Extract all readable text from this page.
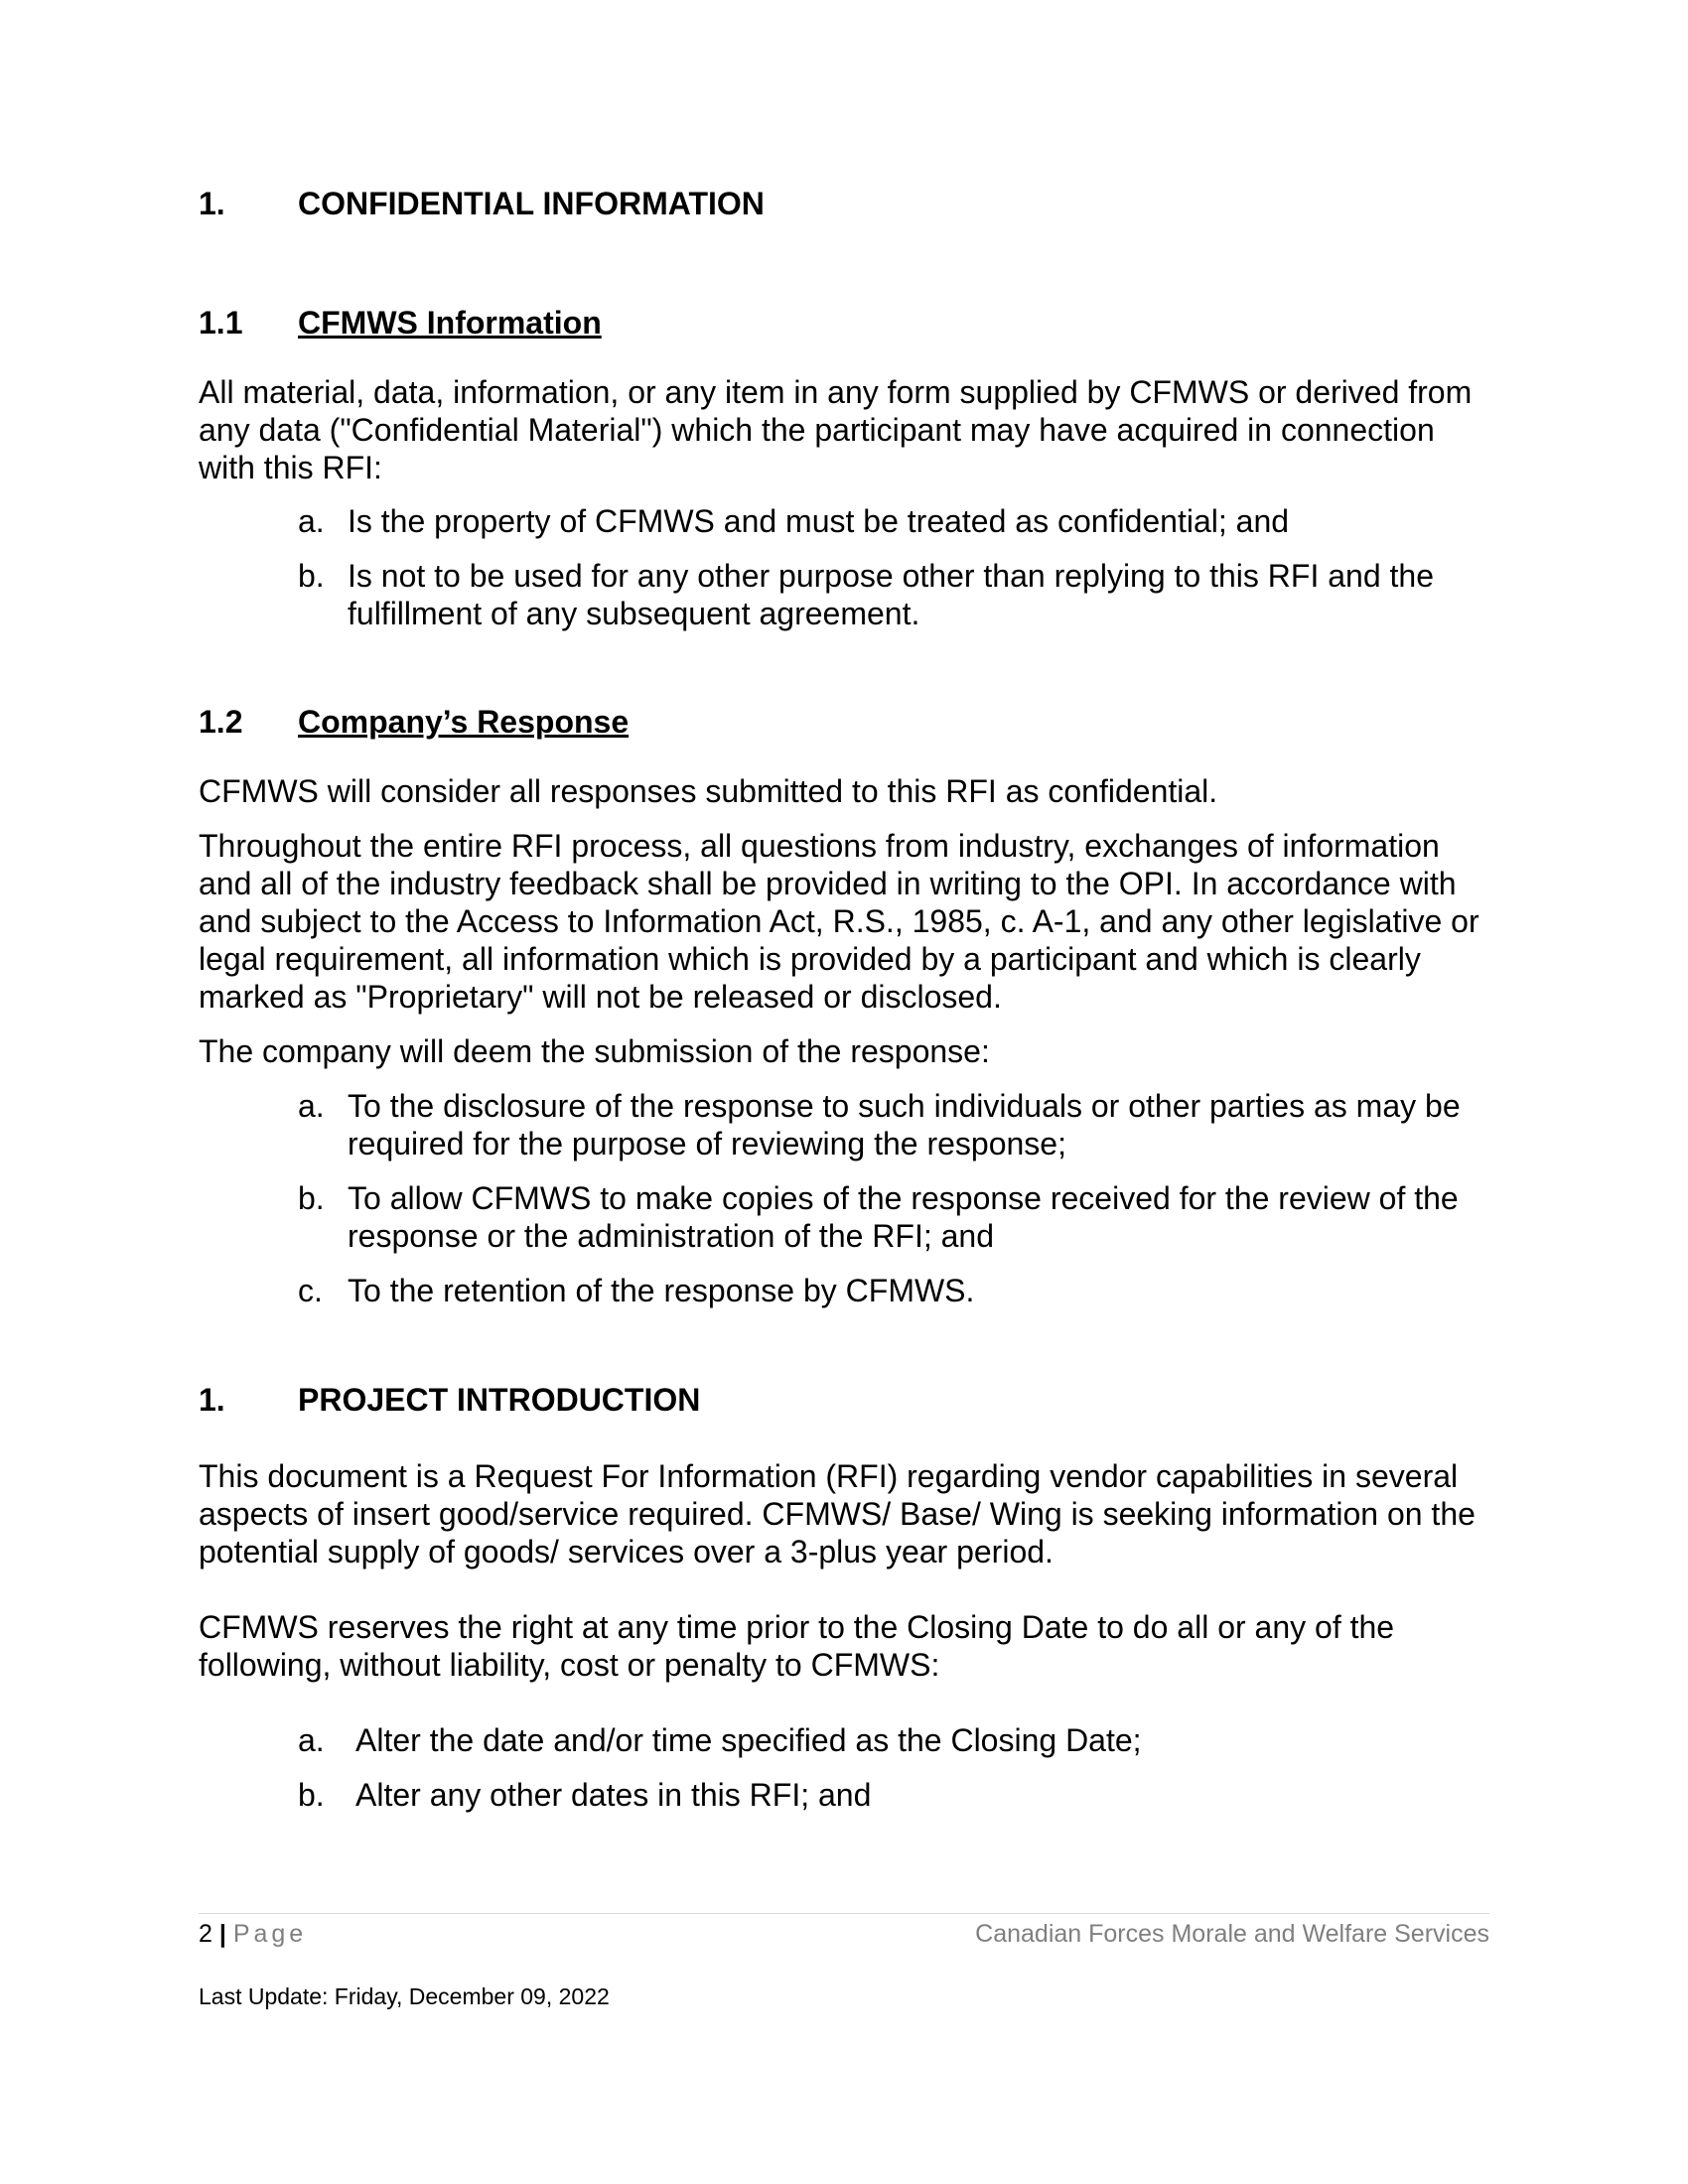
1.	CONFIDENTIAL INFORMATION
1.1	CFMWS Information

All material, data, information, or any item in any form supplied by CFMWS or derived from any data ("Confidential Material") which the participant may have acquired in connection with this RFI:

a. Is the property of CFMWS and must be treated as confidential; and
b. Is not to be used for any other purpose other than replying to this RFI and the fulfillment of any subsequent agreement.
1.2	Company’s Response

CFMWS will consider all responses submitted to this RFI as confidential.

Throughout the entire RFI process, all questions from industry, exchanges of information and all of the industry feedback shall be provided in writing to the OPI. In accordance with and subject to the Access to Information Act, R.S., 1985, c. A-1, and any other legislative or legal requirement, all information which is provided by a participant and which is clearly marked as "Proprietary" will not be released or disclosed.

The company will deem the submission of the response:

a. To the disclosure of the response to such individuals or other parties as may be required for the purpose of reviewing the response;
b. To allow CFMWS to make copies of the response received for the review of the response or the administration of the RFI; and
c. To the retention of the response by CFMWS.
1.	PROJECT INTRODUCTION

This document is a Request For Information (RFI) regarding vendor capabilities in several aspects of insert good/service required. CFMWS/ Base/ Wing is seeking information on the potential supply of goods/ services over a 3-plus year period.

CFMWS reserves the right at any time prior to the Closing Date to do all or any of the following, without liability, cost or penalty to CFMWS:

a. Alter the date and/or time specified as the Closing Date;
b. Alter any other dates in this RFI; and
2 | Page	Canadian Forces Morale and Welfare Services
Last Update: Friday, December 09, 2022
